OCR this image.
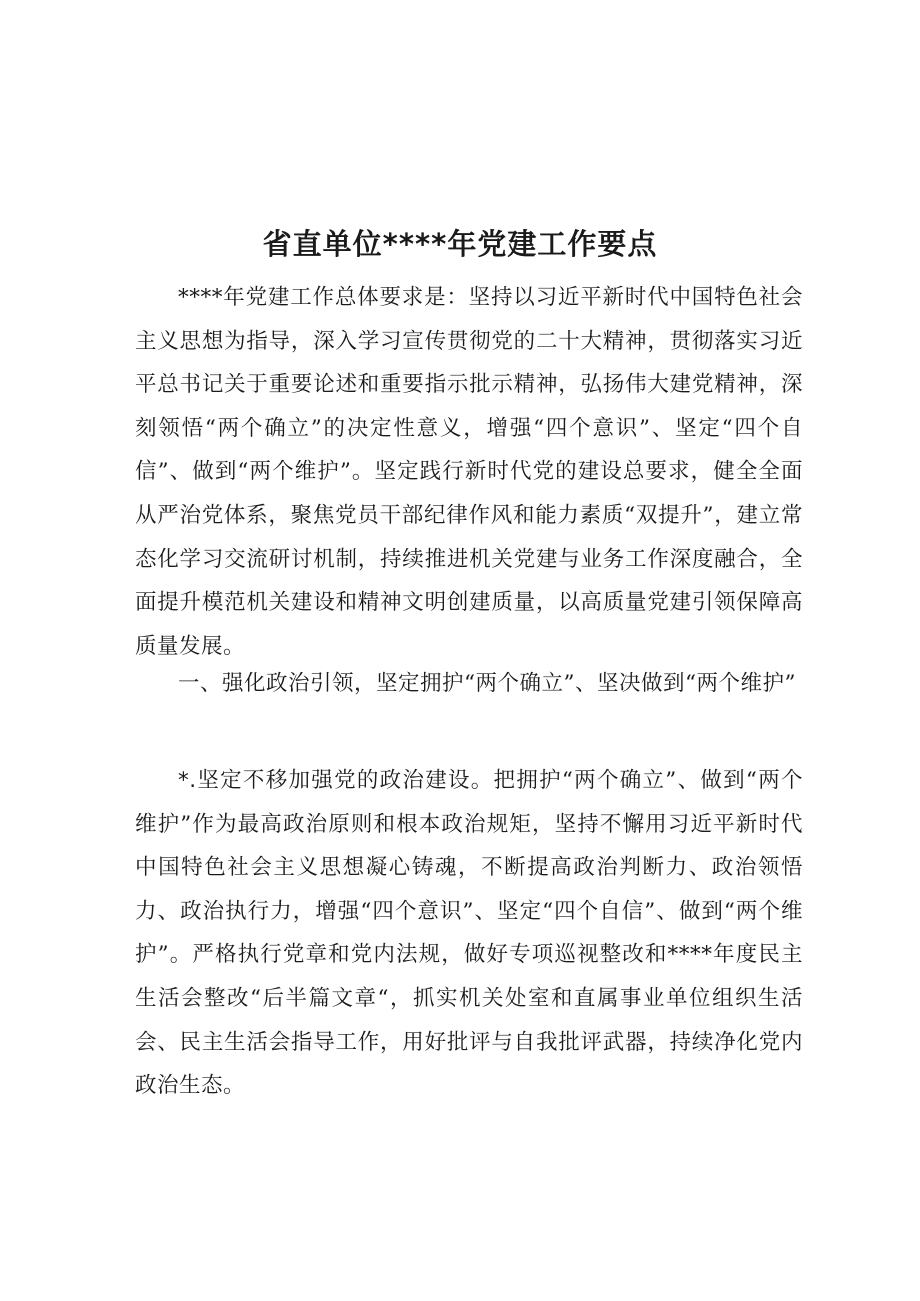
省直单位****年党建工作要点

****年党建工作总体要求是：坚持以习近平新时代中国特色社会主义思想为指导，深入学习宣传贯彻党的二十大精神，贯彻落实习近平总书记关于重要论述和重要指示批示精神，弘扬伟大建党精神，深刻领悟“两个确立”的决定性意义，增强“四个意识”、坚定“四个自信”、做到“两个维护”。坚定践行新时代党的建设总要求，健全全面从严治党体系，聚焦党员干部纪律作风和能力素质“双提升”，建立常态化学习交流研讨机制，持续推进机关党建与业务工作深度融合，全面提升模范机关建设和精神文明创建质量，以高质量党建引领保障高质量发展。

一、强化政治引领，坚定拥护“两个确立”、坚决做到“两个维护”

*.坚定不移加强党的政治建设。把拥护“两个确立”、做到“两个维护”作为最高政治原则和根本政治规矩，坚持不懈用习近平新时代中国特色社会主义思想凝心铸魂，不断提高政治判断力、政治领悟力、政治执行力，增强“四个意识”、坚定“四个自信”、做到“两个维护”。严格执行党章和党内法规，做好专项巡视整改和****年度民主生活会整改“后半篇文章“，抓实机关处室和直属事业单位组织生活会、民主生活会指导工作，用好批评与自我批评武器，持续净化党内政治生态。
